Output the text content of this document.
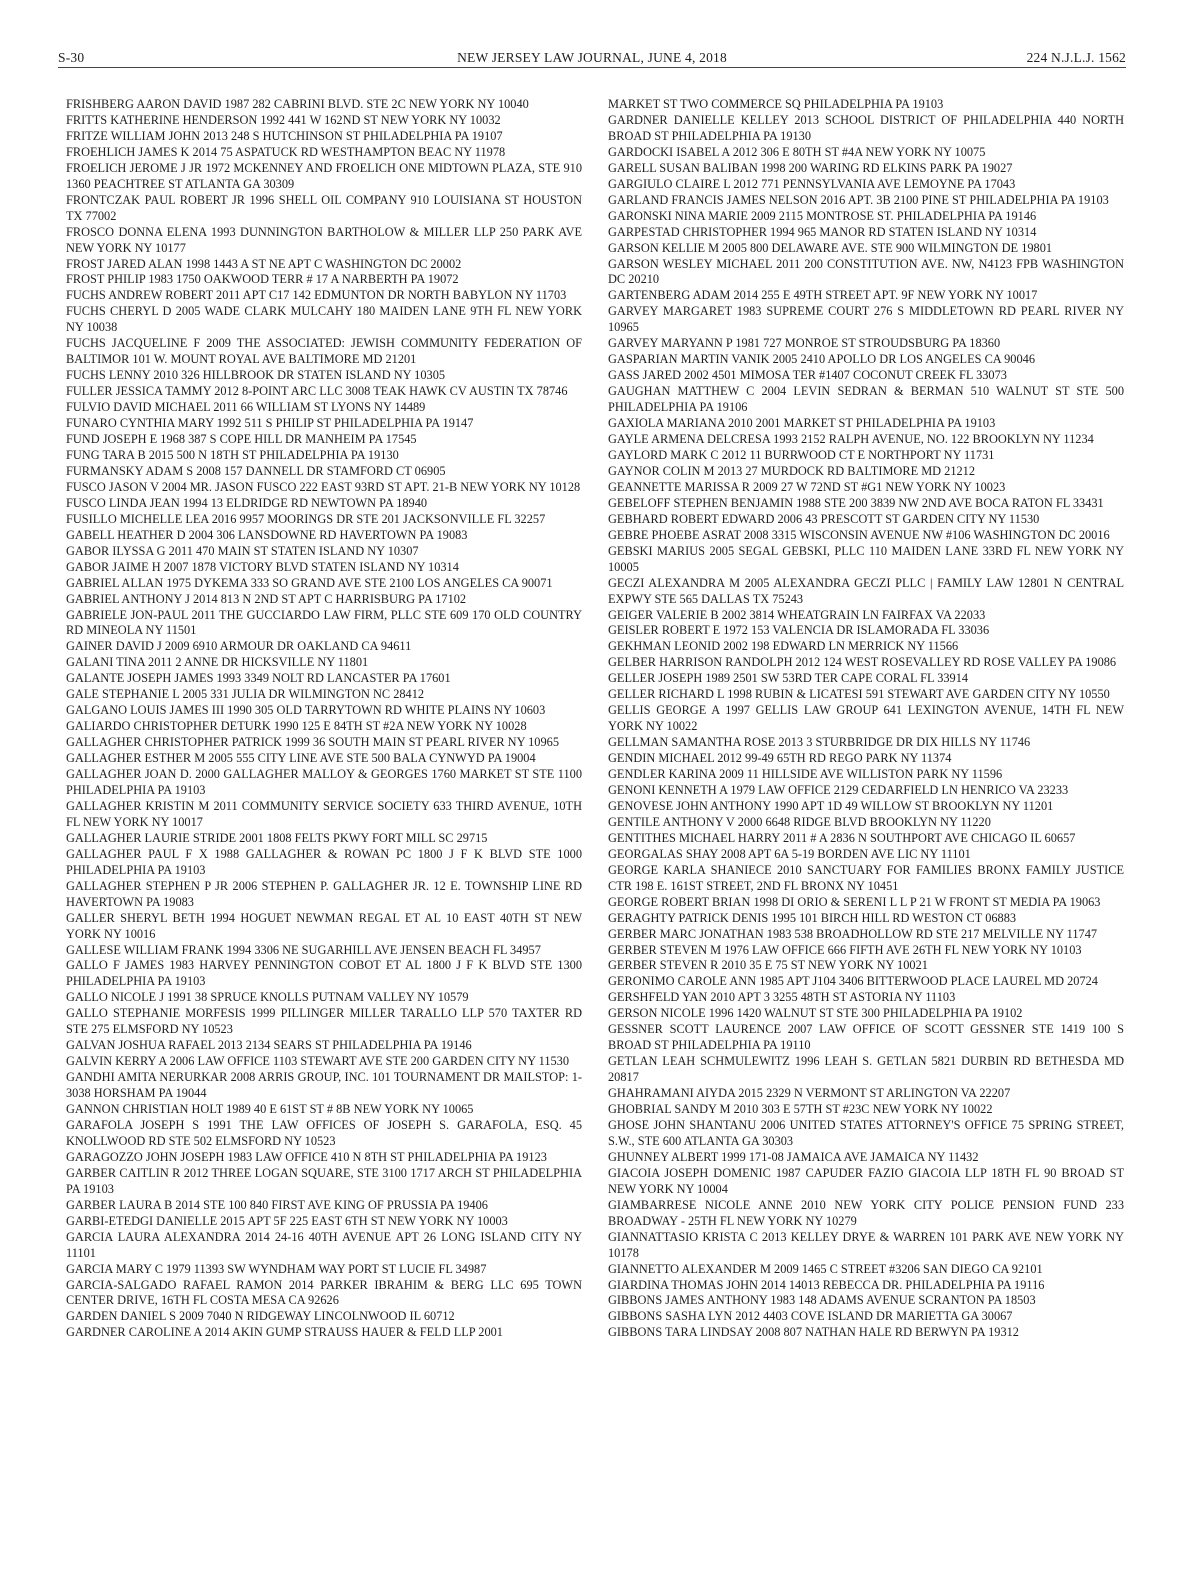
S-30	NEW JERSEY LAW JOURNAL, JUNE 4, 2018	224 N.J.L.J. 1562

FRISHBERG AARON DAVID 1987 282 CABRINI BLVD. STE 2C NEW YORK NY 10040

FRITTS KATHERINE HENDERSON 1992 441 W 162ND ST NEW YORK NY 10032

FRITZE WILLIAM JOHN 2013 248 S HUTCHINSON ST PHILADELPHIA PA 19107

FROEHLICH JAMES K 2014 75 ASPATUCK RD WESTHAMPTON BEAC NY 11978

FROELICH JEROME J JR 1972 MCKENNEY AND FROELICH ONE MIDTOWN PLAZA, STE 910 1360 PEACHTREE ST ATLANTA GA 30309

FRONTCZAK PAUL ROBERT JR 1996 SHELL OIL COMPANY 910 LOUISIANA ST HOUSTON TX 77002

FROSCO DONNA ELENA 1993 DUNNINGTON BARTHOLOW & MILLER LLP 250 PARK AVE NEW YORK NY 10177

FROST JARED ALAN 1998 1443 A ST NE APT C WASHINGTON DC 20002

FROST PHILIP 1983 1750 OAKWOOD TERR # 17 A NARBERTH PA 19072

FUCHS ANDREW ROBERT 2011 APT C17 142 EDMUNTON DR NORTH BABYLON NY 11703

FUCHS CHERYL D 2005 WADE CLARK MULCAHY 180 MAIDEN LANE 9TH FL NEW YORK NY 10038

FUCHS JACQUELINE F 2009 THE ASSOCIATED: JEWISH COMMUNITY FEDERATION OF BALTIMOR 101 W. MOUNT ROYAL AVE BALTIMORE MD 21201

FUCHS LENNY 2010 326 HILLBROOK DR STATEN ISLAND NY 10305

FULLER JESSICA TAMMY 2012 8-POINT ARC LLC 3008 TEAK HAWK CV AUSTIN TX 78746

FULVIO DAVID MICHAEL 2011 66 WILLIAM ST LYONS NY 14489

FUNARO CYNTHIA MARY 1992 511 S PHILIP ST PHILADELPHIA PA 19147

FUND JOSEPH E 1968 387 S COPE HILL DR MANHEIM PA 17545

FUNG TARA B 2015 500 N 18TH ST PHILADELPHIA PA 19130

FURMANSKY ADAM S 2008 157 DANNELL DR STAMFORD CT 06905

FUSCO JASON V 2004 MR. JASON FUSCO 222 EAST 93RD ST APT. 21-B NEW YORK NY 10128

FUSCO LINDA JEAN 1994 13 ELDRIDGE RD NEWTOWN PA 18940

FUSILLO MICHELLE LEA 2016 9957 MOORINGS DR STE 201 JACKSONVILLE FL 32257

GABELL HEATHER D 2004 306 LANSDOWNE RD HAVERTOWN PA 19083

GABOR ILYSSA G 2011 470 MAIN ST STATEN ISLAND NY 10307

GABOR JAIME H 2007 1878 VICTORY BLVD STATEN ISLAND NY 10314

GABRIEL ALLAN 1975 DYKEMA 333 SO GRAND AVE STE 2100 LOS ANGELES CA 90071

GABRIEL ANTHONY J 2014 813 N 2ND ST APT C HARRISBURG PA 17102

GABRIELE JON-PAUL 2011 THE GUCCIARDO LAW FIRM, PLLC STE 609 170 OLD COUNTRY RD MINEOLA NY 11501

GAINER DAVID J 2009 6910 ARMOUR DR OAKLAND CA 94611

GALANI TINA 2011 2 ANNE DR HICKSVILLE NY 11801

GALANTE JOSEPH JAMES 1993 3349 NOLT RD LANCASTER PA 17601

GALE STEPHANIE L 2005 331 JULIA DR WILMINGTON NC 28412

GALGANO LOUIS JAMES III 1990 305 OLD TARRYTOWN RD WHITE PLAINS NY 10603

GALIARDO CHRISTOPHER DETURK 1990 125 E 84TH ST #2A NEW YORK NY 10028

GALLAGHER CHRISTOPHER PATRICK 1999 36 SOUTH MAIN ST PEARL RIVER NY 10965

GALLAGHER ESTHER M 2005 555 CITY LINE AVE STE 500 BALA CYNWYD PA 19004

GALLAGHER JOAN D. 2000 GALLAGHER MALLOY & GEORGES 1760 MARKET ST STE 1100 PHILADELPHIA PA 19103

GALLAGHER KRISTIN M 2011 COMMUNITY SERVICE SOCIETY 633 THIRD AVENUE, 10TH FL NEW YORK NY 10017

GALLAGHER LAURIE STRIDE 2001 1808 FELTS PKWY FORT MILL SC 29715

GALLAGHER PAUL F X 1988 GALLAGHER & ROWAN PC 1800 J F K BLVD STE 1000 PHILADELPHIA PA 19103

GALLAGHER STEPHEN P JR 2006 STEPHEN P. GALLAGHER JR. 12 E. TOWNSHIP LINE RD HAVERTOWN PA 19083

GALLER SHERYL BETH 1994 HOGUET NEWMAN REGAL ET AL 10 EAST 40TH ST NEW YORK NY 10016

GALLESE WILLIAM FRANK 1994 3306 NE SUGARHILL AVE JENSEN BEACH FL 34957

GALLO F JAMES 1983 HARVEY PENNINGTON COBOT ET AL 1800 J F K BLVD STE 1300 PHILADELPHIA PA 19103

GALLO NICOLE J 1991 38 SPRUCE KNOLLS PUTNAM VALLEY NY 10579

GALLO STEPHANIE MORFESIS 1999 PILLINGER MILLER TARALLO LLP 570 TAXTER RD STE 275 ELMSFORD NY 10523

GALVAN JOSHUA RAFAEL 2013 2134 SEARS ST PHILADELPHIA PA 19146

GALVIN KERRY A 2006 LAW OFFICE 1103 STEWART AVE STE 200 GARDEN CITY NY 11530

GANDHI AMITA NERURKAR 2008 ARRIS GROUP, INC. 101 TOURNAMENT DR MAILSTOP: 1-3038 HORSHAM PA 19044

GANNON CHRISTIAN HOLT 1989 40 E 61ST ST # 8B NEW YORK NY 10065

GARAFOLA JOSEPH S 1991 THE LAW OFFICES OF JOSEPH S. GARAFOLA, ESQ. 45 KNOLLWOOD RD STE 502 ELMSFORD NY 10523

GARAGOZZO JOHN JOSEPH 1983 LAW OFFICE 410 N 8TH ST PHILADELPHIA PA 19123

GARBER CAITLIN R 2012 THREE LOGAN SQUARE, STE 3100 1717 ARCH ST PHILADELPHIA PA 19103

GARBER LAURA B 2014 STE 100 840 FIRST AVE KING OF PRUSSIA PA 19406

GARBI-ETEDGI DANIELLE 2015 APT 5F 225 EAST 6TH ST NEW YORK NY 10003

GARCIA LAURA ALEXANDRA 2014 24-16 40TH AVENUE APT 26 LONG ISLAND CITY NY 11101

GARCIA MARY C 1979 11393 SW WYNDHAM WAY PORT ST LUCIE FL 34987

GARCIA-SALGADO RAFAEL RAMON 2014 PARKER IBRAHIM & BERG LLC 695 TOWN CENTER DRIVE, 16TH FL COSTA MESA CA 92626

GARDEN DANIEL S 2009 7040 N RIDGEWAY LINCOLNWOOD IL 60712

GARDNER CAROLINE A 2014 AKIN GUMP STRAUSS HAUER & FELD LLP 2001

MARKET ST TWO COMMERCE SQ PHILADELPHIA PA 19103

GARDNER DANIELLE KELLEY 2013 SCHOOL DISTRICT OF PHILADELPHIA 440 NORTH BROAD ST PHILADELPHIA PA 19130

GARDOCKI ISABEL A 2012 306 E 80TH ST #4A NEW YORK NY 10075

GARELL SUSAN BALIBAN 1998 200 WARING RD ELKINS PARK PA 19027

GARGIULO CLAIRE L 2012 771 PENNSYLVANIA AVE LEMOYNE PA 17043

GARLAND FRANCIS JAMES NELSON 2016 APT. 3B 2100 PINE ST PHILADELPHIA PA 19103

GARONSKI NINA MARIE 2009 2115 MONTROSE ST. PHILADELPHIA PA 19146

GARPESTAD CHRISTOPHER 1994 965 MANOR RD STATEN ISLAND NY 10314

GARSON KELLIE M 2005 800 DELAWARE AVE. STE 900 WILMINGTON DE 19801

GARSON WESLEY MICHAEL 2011 200 CONSTITUTION AVE. NW, N4123 FPB WASHINGTON DC 20210

GARTENBERG ADAM 2014 255 E 49TH STREET APT. 9F NEW YORK NY 10017

GARVEY MARGARET 1983 SUPREME COURT 276 S MIDDLETOWN RD PEARL RIVER NY 10965

GARVEY MARYANN P 1981 727 MONROE ST STROUDSBURG PA 18360

GASPARIAN MARTIN VANIK 2005 2410 APOLLO DR LOS ANGELES CA 90046

GASS JARED 2002 4501 MIMOSA TER #1407 COCONUT CREEK FL 33073

GAUGHAN MATTHEW C 2004 LEVIN SEDRAN & BERMAN 510 WALNUT ST STE 500 PHILADELPHIA PA 19106

GAXIOLA MARIANA 2010 2001 MARKET ST PHILADELPHIA PA 19103

GAYLE ARMENA DELCRESA 1993 2152 RALPH AVENUE, NO. 122 BROOKLYN NY 11234

GAYLORD MARK C 2012 11 BURRWOOD CT E NORTHPORT NY 11731

GAYNOR COLIN M 2013 27 MURDOCK RD BALTIMORE MD 21212

GEANNETTE MARISSA R 2009 27 W 72ND ST #G1 NEW YORK NY 10023

GEBELOFF STEPHEN BENJAMIN 1988 STE 200 3839 NW 2ND AVE BOCA RATON FL 33431

GEBHARD ROBERT EDWARD 2006 43 PRESCOTT ST GARDEN CITY NY 11530

GEBRE PHOEBE ASRAT 2008 3315 WISCONSIN AVENUE NW #106 WASHINGTON DC 20016

GEBSKI MARIUS 2005 SEGAL GEBSKI, PLLC 110 MAIDEN LANE 33RD FL NEW YORK NY 10005

GECZI ALEXANDRA M 2005 ALEXANDRA GECZI PLLC | FAMILY LAW 12801 N CENTRAL EXPWY STE 565 DALLAS TX 75243

GEIGER VALERIE B 2002 3814 WHEATGRAIN LN FAIRFAX VA 22033

GEISLER ROBERT E 1972 153 VALENCIA DR ISLAMORADA FL 33036

GEKHMAN LEONID 2002 198 EDWARD LN MERRICK NY 11566

GELBER HARRISON RANDOLPH 2012 124 WEST ROSEVALLEY RD ROSE VALLEY PA 19086

GELLER JOSEPH 1989 2501 SW 53RD TER CAPE CORAL FL 33914

GELLER RICHARD L 1998 RUBIN & LICATESI 591 STEWART AVE GARDEN CITY NY 10550

GELLIS GEORGE A 1997 GELLIS LAW GROUP 641 LEXINGTON AVENUE, 14TH FL NEW YORK NY 10022

GELLMAN SAMANTHA ROSE 2013 3 STURBRIDGE DR DIX HILLS NY 11746

GENDIN MICHAEL 2012 99-49 65TH RD REGO PARK NY 11374

GENDLER KARINA 2009 11 HILLSIDE AVE WILLISTON PARK NY 11596

GENONI KENNETH A 1979 LAW OFFICE 2129 CEDARFIELD LN HENRICO VA 23233

GENOVESE JOHN ANTHONY 1990 APT 1D 49 WILLOW ST BROOKLYN NY 11201

GENTILE ANTHONY V 2000 6648 RIDGE BLVD BROOKLYN NY 11220

GENTITHES MICHAEL HARRY 2011 # A 2836 N SOUTHPORT AVE CHICAGO IL 60657

GEORGALAS SHAY 2008 APT 6A 5-19 BORDEN AVE LIC NY 11101

GEORGE KARLA SHANIECE 2010 SANCTUARY FOR FAMILIES BRONX FAMILY JUSTICE CTR 198 E. 161ST STREET, 2ND FL BRONX NY 10451

GEORGE ROBERT BRIAN 1998 DI ORIO & SERENI L L P 21 W FRONT ST MEDIA PA 19063

GERAGHTY PATRICK DENIS 1995 101 BIRCH HILL RD WESTON CT 06883

GERBER MARC JONATHAN 1983 538 BROADHOLLOW RD STE 217 MELVILLE NY 11747

GERBER STEVEN M 1976 LAW OFFICE 666 FIFTH AVE 26TH FL NEW YORK NY 10103

GERBER STEVEN R 2010 35 E 75 ST NEW YORK NY 10021

GERONIMO CAROLE ANN 1985 APT J104 3406 BITTERWOOD PLACE LAUREL MD 20724

GERSHFELD YAN 2010 APT 3 3255 48TH ST ASTORIA NY 11103

GERSON NICOLE 1996 1420 WALNUT ST STE 300 PHILADELPHIA PA 19102

GESSNER SCOTT LAURENCE 2007 LAW OFFICE OF SCOTT GESSNER STE 1419 100 S BROAD ST PHILADELPHIA PA 19110

GETLAN LEAH SCHMULEWITZ 1996 LEAH S. GETLAN 5821 DURBIN RD BETHESDA MD 20817

GHAHRAMANI AIYDA 2015 2329 N VERMONT ST ARLINGTON VA 22207

GHOBRIAL SANDY M 2010 303 E 57TH ST #23C NEW YORK NY 10022

GHOSE JOHN SHANTANU 2006 UNITED STATES ATTORNEY'S OFFICE 75 SPRING STREET, S.W., STE 600 ATLANTA GA 30303

GHUNNEY ALBERT 1999 171-08 JAMAICA AVE JAMAICA NY 11432

GIACOIA JOSEPH DOMENIC 1987 CAPUDER FAZIO GIACOIA LLP 18TH FL 90 BROAD ST NEW YORK NY 10004

GIAMBARRESE NICOLE ANNE 2010 NEW YORK CITY POLICE PENSION FUND 233 BROADWAY - 25TH FL NEW YORK NY 10279

GIANNATTASIO KRISTA C 2013 KELLEY DRYE & WARREN 101 PARK AVE NEW YORK NY 10178

GIANNETTO ALEXANDER M 2009 1465 C STREET #3206 SAN DIEGO CA 92101

GIARDINA THOMAS JOHN 2014 14013 REBECCA DR. PHILADELPHIA PA 19116

GIBBONS JAMES ANTHONY 1983 148 ADAMS AVENUE SCRANTON PA 18503

GIBBONS SASHA LYN 2012 4403 COVE ISLAND DR MARIETTA GA 30067

GIBBONS TARA LINDSAY 2008 807 NATHAN HALE RD BERWYN PA 19312
